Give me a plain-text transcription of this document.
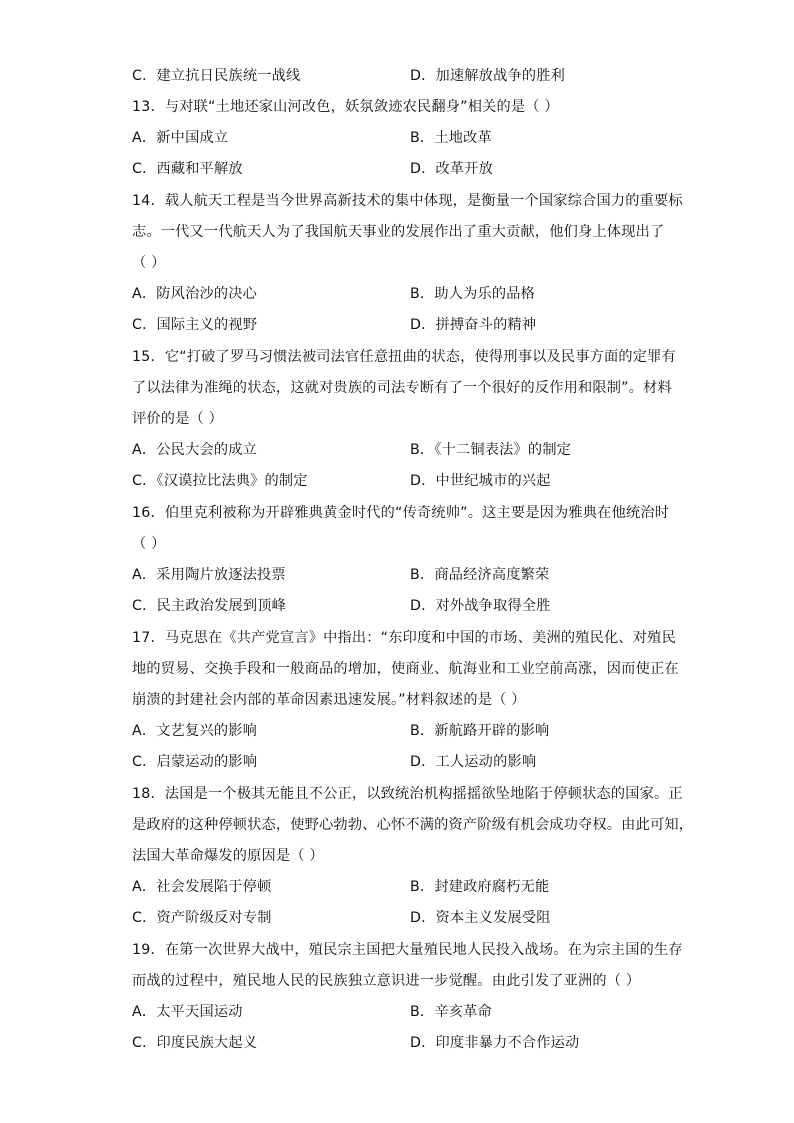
C．建立抗日民族统一战线	D．加速解放战争的胜利
13．与对联“土地还家山河改色，妖氛敛迹农民翻身”相关的是（ ）
A．新中国成立	B．土地改革
C．西藏和平解放	D．改革开放
14．载人航天工程是当今世界高新技术的集中体现，是衡量一个国家综合国力的重要标
志。一代又一代航天人为了我国航天事业的发展作出了重大贡献，他们身上体现出了
（ ）
A．防风治沙的决心	B．助人为乐的品格
C．国际主义的视野	D．拼搏奋斗的精神
15．它“打破了罗马习惯法被司法官任意扭曲的状态，使得刑事以及民事方面的定罪有
了以法律为准绳的状态，这就对贵族的司法专断有了一个很好的反作用和限制”。材料
评价的是（ ）
A．公民大会的成立	B．《十二铜表法》的制定
C．《汉谟拉比法典》的制定	D．中世纪城市的兴起
16．伯里克利被称为开辟雅典黄金时代的“传奇统帅”。这主要是因为雅典在他统治时
（ ）
A．采用陶片放逐法投票	B．商品经济高度繁荣
C．民主政治发展到顶峰	D．对外战争取得全胜
17．马克思在《共产党宣言》中指出：“东印度和中国的市场、美洲的殖民化、对殖民
地的贸易、交换手段和一般商品的增加，使商业、航海业和工业空前高涨，因而使正在
崩溃的封建社会内部的革命因素迅速发展。”材料叙述的是（ ）
A．文艺复兴的影响	B．新航路开辟的影响
C．启蒙运动的影响	D．工人运动的影响
18．法国是一个极其无能且不公正，以致统治机构摇摇欲坠地陷于停顿状态的国家。正
是政府的这种停顿状态，使野心勃勃、心怀不满的资产阶级有机会成功夺权。由此可知，
法国大革命爆发的原因是（ ）
A．社会发展陷于停顿	B．封建政府腐朽无能
C．资产阶级反对专制	D．资本主义发展受阻
19．在第一次世界大战中，殖民宗主国把大量殖民地人民投入战场。在为宗主国的生存
而战的过程中，殖民地人民的民族独立意识进一步觉醒。由此引发了亚洲的（ ）
A．太平天国运动	B．辛亥革命
C．印度民族大起义	D．印度非暴力不合作运动
